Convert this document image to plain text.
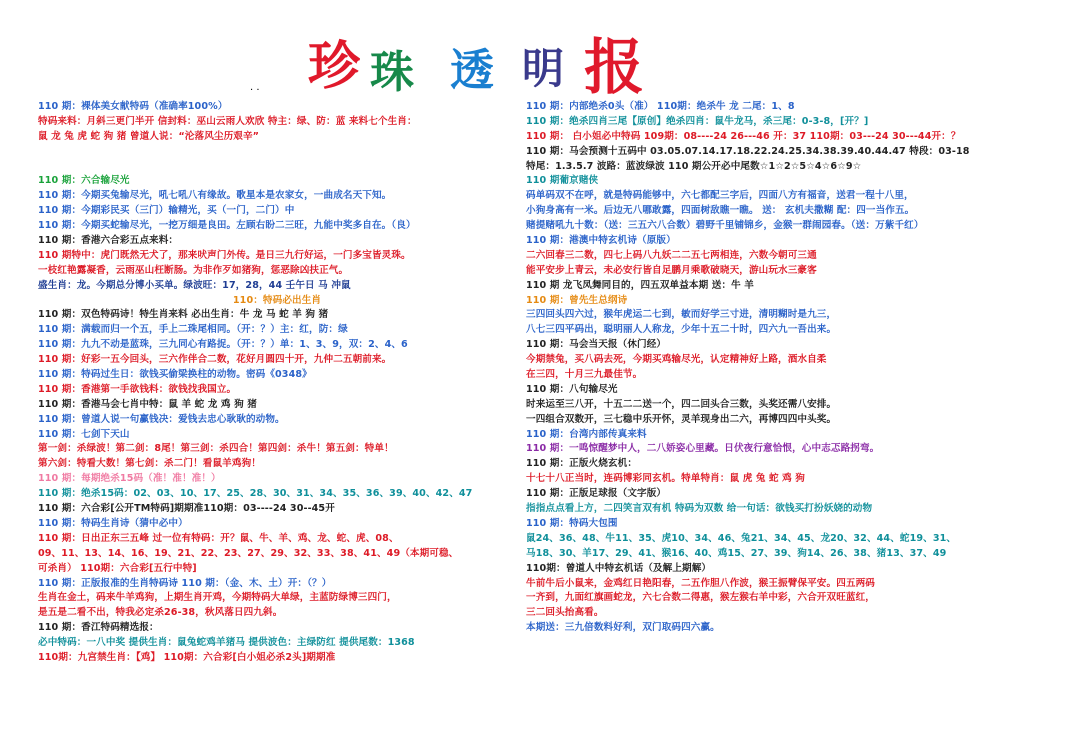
珍 珠 透 明 报
. .
110 期：裸体美女献特码（准确率100%）
特码来料：月斜三更门半开 信封料：巫山云雨人欢欣 特主：绿、防：蓝 来料七个生肖：
鼠 龙 兔 虎 蛇 狗 猪 曾道人说：“沦落风尘历艰辛”
110 期：六合输尽光
110 期：今期买兔输尽光，吼七吼八有缘故。歌星本是农家女，一曲成名天下知。
110 期：今期彩民买（三门）输精光，买（一门，二门）中
110 期：今期买蛇输尽光，一挖万细是良田。左顾右盼二三旺，九能中奖多自在。（良）
110 期：香港六合彩五点来料：
110 期特中：虎门既然无犬了，那来吠声门外传。是日三九行好运，一门多宝皆灵珠。
一枝红艳露凝香，云雨巫山枉断肠。为非作歹如猪狗，惩恶除凶扶正气。
盛生肖：龙。今期总分博小买单。绿波旺：17，28，44 壬午日 马 冲鼠
110：特码必出生肖
110 期：双色特码诗！特生肖来料 必出生肖：牛 龙 马 蛇 羊 狗 猪
110 期：满载而归一个五，手上二珠尾相同。（开：？）主：红，防：绿
110 期：九九不动是蓝珠，三九同心有路捉。（开：？）单：1、3、9，双：2、4、6
110 期：好彩一五今回头，三六作伴合二数，花好月圆四十开，九仲二五朝前来。
110 期：特码过生日：欲钱买偷梁换柱的动物。密码《0348》
110 期：香港第一手欲钱料：欲钱找我国立。
110 期：香港马会七肖中特：鼠 羊 蛇 龙 鸡 狗 猪
110 期：曾道人说一句赢钱决：爱钱去忠心耿耿的动物。
110 期：七剑下天山
第一剑：杀绿波！第二剑：8尾！第三剑：杀四合！第四剑：杀牛！第五剑：特单！
第六剑：特看大数！第七剑：杀二门！看鼠羊鸡狗！
110 期：每期绝杀15码（准！准！准！）
110 期：绝杀15码：02、03、10、17、25、28、30、31、34、35、36、39、40、42、47
110 期：六合彩[公开TM特码]期期准110期：03----24 30--45开
110 期：特码生肖诗（猜中必中）
110 期：日出正东三五峰 过一位有特码：开？鼠、牛、羊、鸡、龙、蛇、虎、08、
09、11、13、14、16、19、21、22、23、27、29、32、33、38、41、49（本期可稳、
可杀肖） 110期：六合彩[五行中特]
110 期：正版报准的生肖特码诗 110 期：（金、木、土）开：（？）
生肖在金土，码来牛羊鸡狗，上期生肖开鸡，今期特码大单绿，主蓝防绿博三四门，
是五是二看不出，特我必定杀26-38，秋风落日四九斜。
110 期：香江特码精选报：
必中特码：一八中奖 提供生肖：鼠兔蛇鸡羊猪马 提供波色：主绿防红 提供尾数：1368
110期：九宫禁生肖：【鸡】 110期：六合彩[白小姐必杀2头]期期准
110 期：内部绝杀0头（准） 110期：绝杀牛 龙 二尾：1、8
110 期：绝杀四肖三尾【原创】绝杀四肖：鼠牛龙马，杀三尾：0-3-8，[开？]
110 期： 白小姐必中特码 109期：08----24 26---46 开：37 110期：03---24 30---44开：？
110 期：马会预测十五码中 03.05.07.14.17.18.22.24.25.34.38.39.40.44.47 特段：03-18
特尾：1.3.5.7 波路：蓝波绿波 110 期公开必中尾数☆1☆2☆5☆4☆6☆9☆
110 期葡京赌侠
码单码双不在呼，就是特码能够中，六七都配三字后，四面八方有福音，送君一程十八里，
小狗身高有一米。后边无八哪敢露，四面树敌瞧一瞧。 送： 玄机夫撒糊 配：四一当作五。
赌提赌吼九十数：（送：三五六八合数）碧野千里铺锦乡，金猴一群闹园春。（送：万紫千红）
110 期：港澳中特玄机诗（原版）
二六回春三二数，四七上码八九妖二二五七两相连，六数今朝可三通
能平安步上青云，未必安行皆自足鹏月乘歌破晓天，游山玩水三豪客
110 期 龙飞凤舞同目的，四五双单益本期 送：牛 羊
110 期：曾先生总纲诗
三四回头四六过，猴年虎运二七到，敏而好学三寸进，清明糊时是九三，
八七三四平码出，聪明丽人人称龙，少年十五二十时，四六九一吾出来。
110 期：马会当天报（休门经）
今期禁兔，买八码去死，今期买鸡输尽光，认定精神好上路，酒水自柔
在三四，十月三九最佳节。
110 期：八句输尽光
时来运至三八开，十五二二送一个，四二回头合三数，头奖还需八安排。
一四组合双数开，三七稳中乐开怀，灵羊现身出二六，再博四四中头奖。
110 期：台湾内部传真来料
110 期：一鸣惊醒梦中人，二八娇姿心里藏。日伏夜行意恰恨，心中志忑路拐弯。
110 期：正版火烧玄机：
十七十八正当时，连码博彩同玄机。特单特肖：鼠 虎 兔 蛇 鸡 狗
110 期：正版足球报（文字版）
指指点点看上方，二四笑言双有机 特码为双数 给一句话：欲钱买打扮妖娆的动物
110 期：特码大包围
鼠24、36、48、牛11、35、虎10、34、46、兔21、34、45、龙20、32、44、蛇19、31、
马18、30、羊17、29、41、猴16、40、鸡15、27、39、狗14、26、38、猪13、37、49
110期：曾道人中特玄机话（及解上期解）
牛前牛后小鼠来，金鸡红日艳阳春，二五作胆八作波，猴王振臂保平安。四五两码
一齐到，九面红旗画蛇龙，六七合数二得惠，猴左猴右羊中彩，六合开双旺蓝红，
三二回头抬高看。
本期送：三九倍数料好利，双门取码四六赢。
